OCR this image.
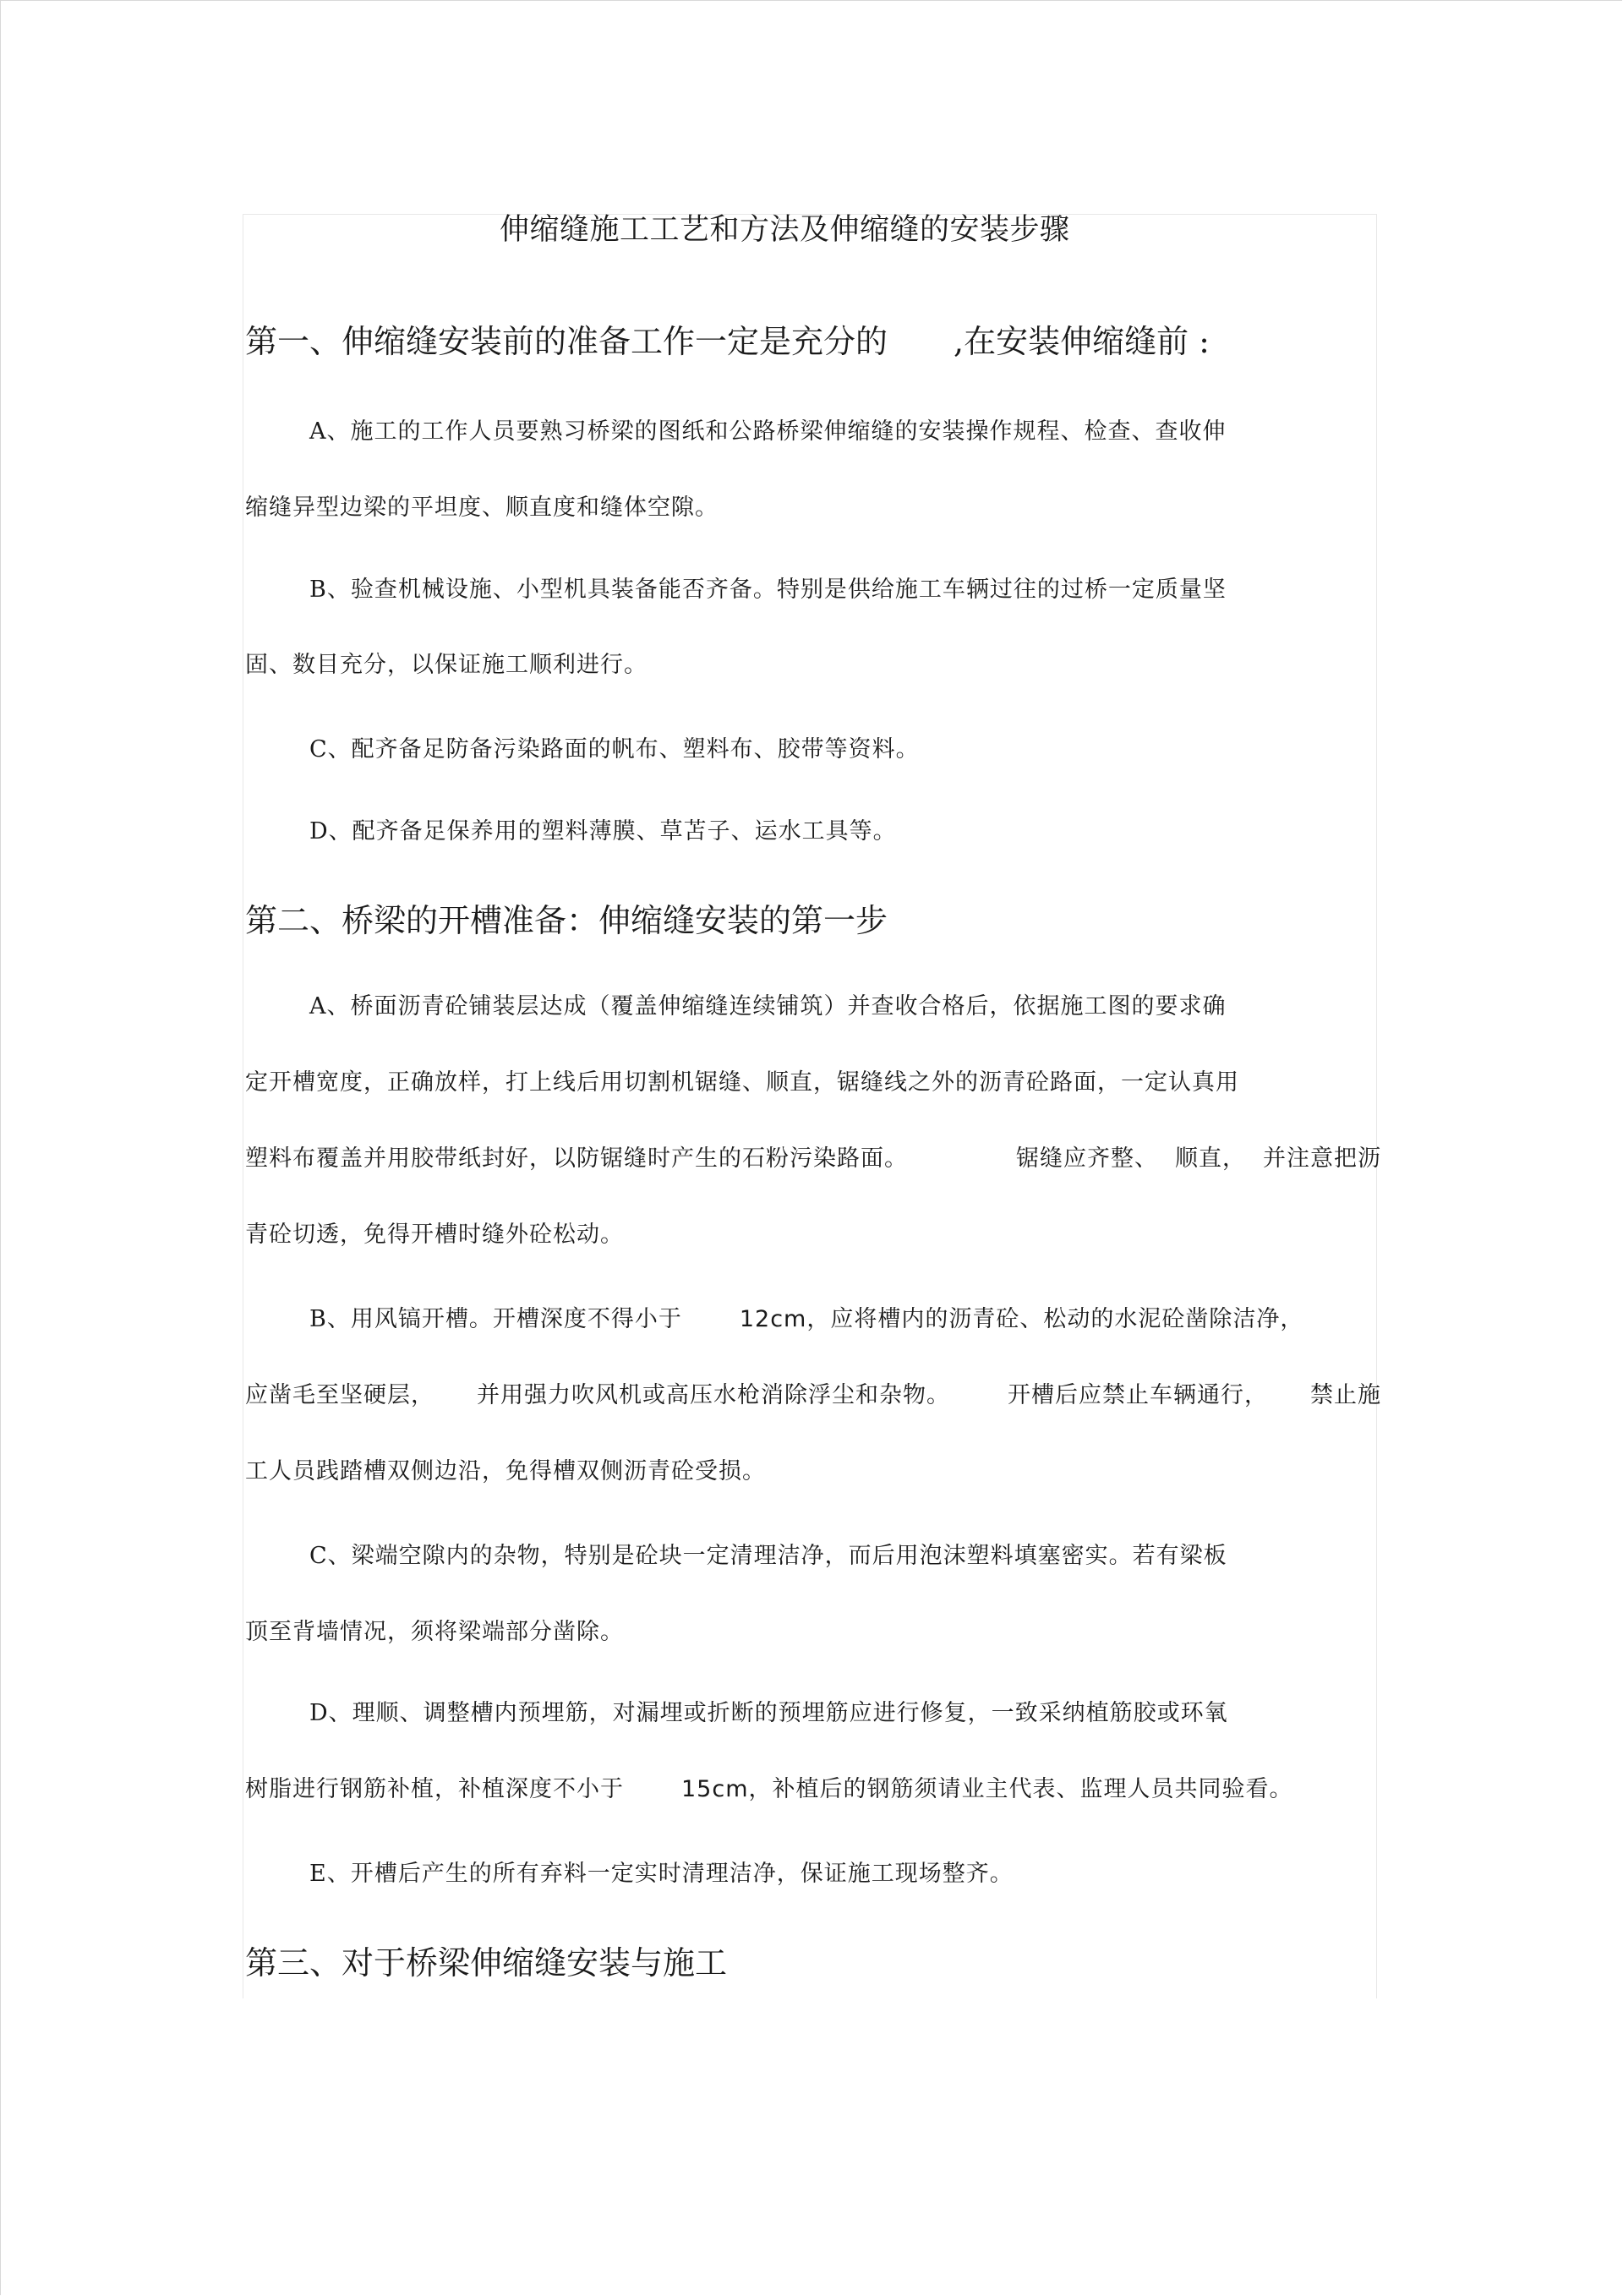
伸缩缝施工工艺和方法及伸缩缝的安装步骤
第一、伸缩缝安装前的准备工作一定是充分的 ,在安装伸缩缝前 :
A、施工的工作人员要熟习桥梁的图纸和公路桥梁伸缩缝的安装操作规程、检查、查收伸
缩缝异型边梁的平坦度、顺直度和缝体空隙。
B、验查机械设施、小型机具装备能否齐备。特别是供给施工车辆过往的过桥一定质量坚
固、数目充分，以保证施工顺利进行。
C、配齐备足防备污染路面的帆布、塑料布、胶带等资料。
D、配齐备足保养用的塑料薄膜、草苫子、运水工具等。
第二、桥梁的开槽准备：伸缩缝安装的第一步
A、桥面沥青砼铺装层达成（覆盖伸缩缝连续铺筑）并查收合格后，依据施工图的要求确
定开槽宽度，正确放样，打上线后用切割机锯缝、顺直，锯缝线之外的沥青砼路面，一定认真用
塑料布覆盖并用胶带纸封好，以防锯缝时产生的石粉污染路面。	锯缝应齐整、 顺直， 并注意把沥
青砼切透，免得开槽时缝外砼松动。
B、用风镐开槽。开槽深度不得小于	12cm，应将槽内的沥青砼、松动的水泥砼凿除洁净，
应凿毛至坚硬层， 并用强力吹风机或高压水枪消除浮尘和杂物。	开槽后应禁止车辆通行， 禁止施
工人员践踏槽双侧边沿，免得槽双侧沥青砼受损。
C、梁端空隙内的杂物，特别是砼块一定清理洁净，而后用泡沫塑料填塞密实。若有梁板
顶至背墙情况，须将梁端部分凿除。
D、理顺、调整槽内预埋筋，对漏埋或折断的预埋筋应进行修复，一致采纳植筋胶或环氧
树脂进行钢筋补植，补植深度不小于	15cm，补植后的钢筋须请业主代表、监理人员共同验看。
E、开槽后产生的所有弃料一定实时清理洁净，保证施工现场整齐。
第三、对于桥梁伸缩缝安装与施工
